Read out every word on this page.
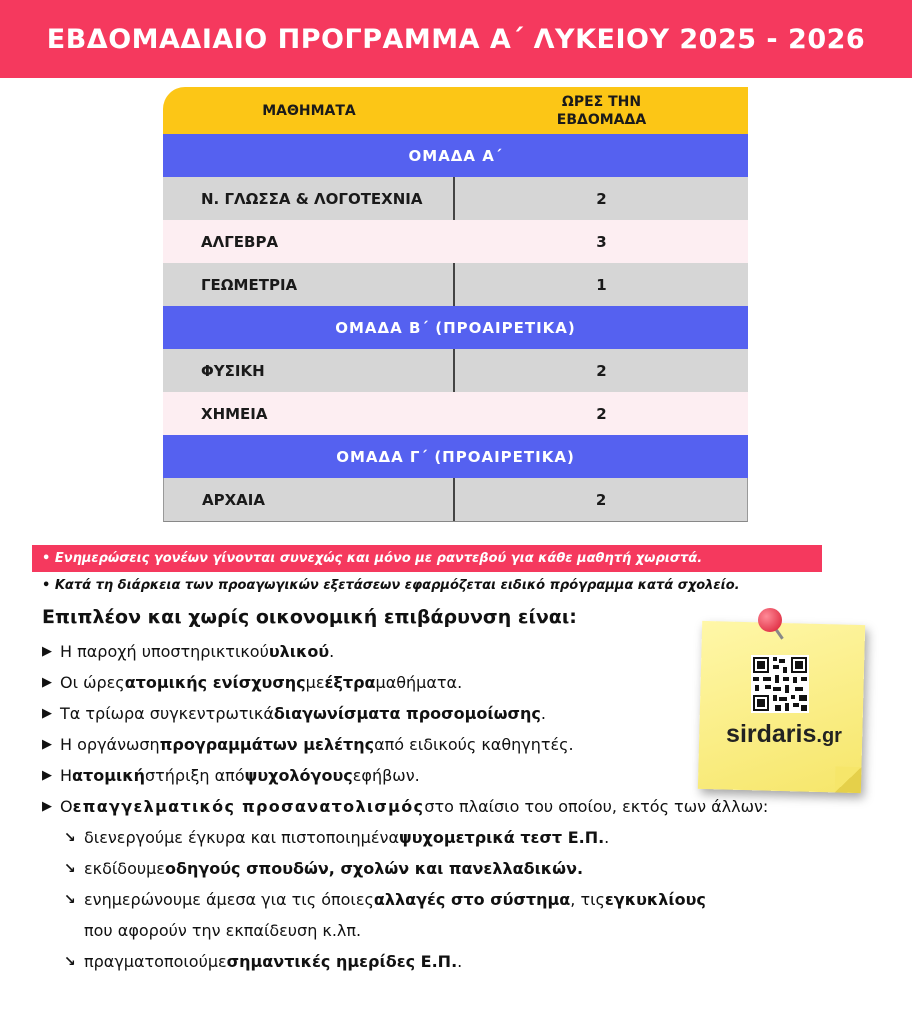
ΕΒΔΟΜΑΔΙΑΙΟ ΠΡΟΓΡΑΜΜΑ Α΄ ΛΥΚΕΙΟΥ 2025 - 2026
ΜΑΘΗΜΑΤΑ
ΩΡΕΣ ΤΗΝ
ΕΒΔΟΜΑΔΑ
ΟΜΑΔΑ Α΄
Ν. ΓΛΩΣΣΑ & ΛΟΓΟΤΕΧΝΙΑ	2
ΑΛΓΕΒΡΑ	3
ΓΕΩΜΕΤΡΙΑ	1
ΟΜΑΔΑ Β΄ (ΠΡΟΑΙΡΕΤΙΚΑ)
ΦΥΣΙΚΗ	2
ΧΗΜΕΙΑ	2
ΟΜΑΔΑ Γ΄ (ΠΡΟΑΙΡΕΤΙΚΑ)
ΑΡΧΑΙΑ	2
• Ενημερώσεις γονέων γίνονται συνεχώς και μόνο με ραντεβού για κάθε μαθητή χωριστά.
• Κατά τη διάρκεια των προαγωγικών εξετάσεων εφαρμόζεται ειδικό πρόγραμμα κατά σχολείο.
Επιπλέον και χωρίς οικονομική επιβάρυνση είναι:
▶ Η παροχή υποστηρικτικού υλικού .
▶ Οι ώρες ατομικής ενίσχυσης με έξτρα μαθήματα.
▶ Τα τρίωρα συγκεντρωτικά διαγωνίσματα προσομοίωσης .
▶ Η οργάνωση προγραμμάτων μελέτης από ειδικούς καθηγητές.
▶ Η ατομική στήριξη από ψυχολόγους εφήβων.
▶ Ο επαγγελματικός προσανατολισμός στο πλαίσιο του οποίου, εκτός των άλλων:
↘ διενεργούμε έγκυρα και πιστοποιημένα ψυχομετρικά τεστ Ε.Π. .
↘ εκδίδουμε οδηγούς σπουδών, σχολών και πανελλαδικών.
↘ ενημερώνουμε άμεσα για τις όποιες αλλαγές στο σύστημα , τις εγκυκλίους
που αφορούν την εκπαίδευση κ.λπ.
↘ πραγματοποιούμε σημαντικές ημερίδες Ε.Π. .
sirdaris.gr
